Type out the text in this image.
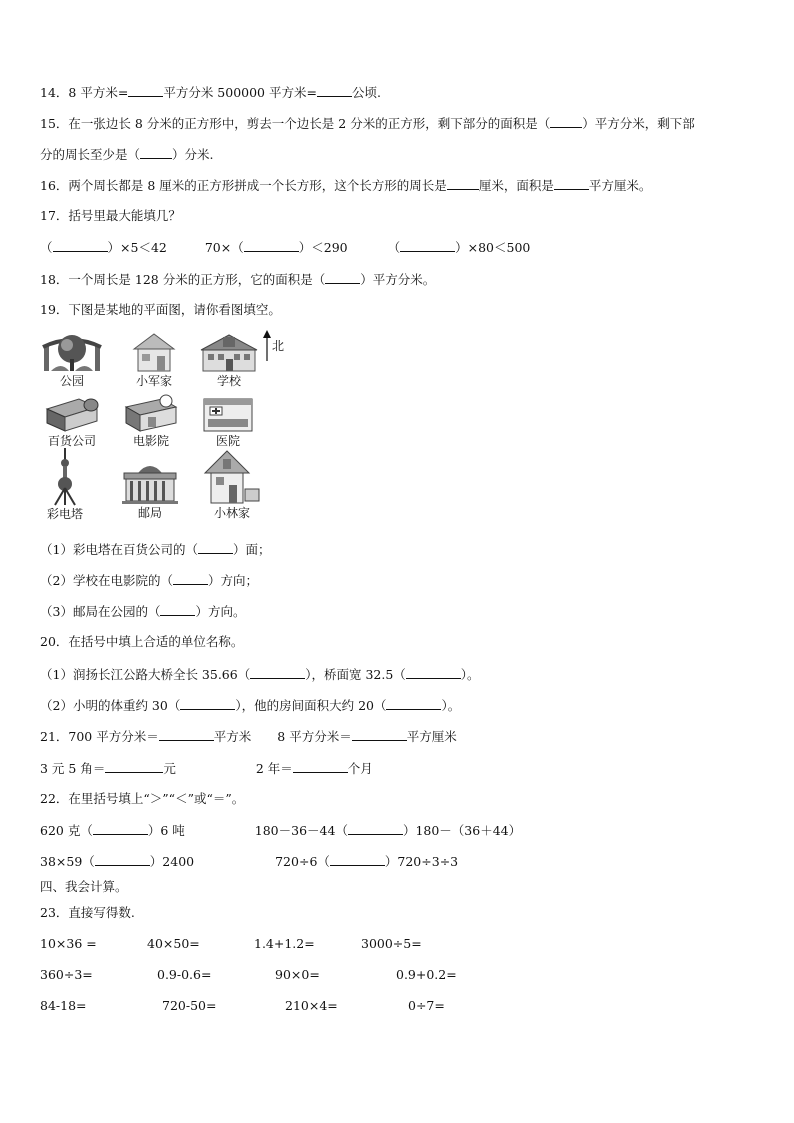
14．8 平方米=	平方分米 500000 平方米=	公顷.
15．在一张边长 8 分米的正方形中，剪去一个边长是 2 分米的正方形，剩下部分的面积是（	）平方分米，剩下部
分的周长至少是（	）分米.
16．两个周长都是 8 厘米的正方形拼成一个长方形，这个长方形的周长是	厘米，面积是	平方厘米。
17．括号里最大能填几？
（	）×5＜42	70×（	）＜290	（	）×80＜500
18．一个周长是 128 分米的正方形，它的面积是（	）平方分米。
19．下图是某地的平面图，请你看图填空。
公园	小军家	学校
北
百货公司	电影院	医院
彩电塔	邮局	小林家
（1）彩电塔在百货公司的（	）面；
（2）学校在电影院的（	）方向；
（3）邮局在公园的（	）方向。
20．在括号中填上合适的单位名称。
（1）润扬长江公路大桥全长 35.66（	），桥面宽 32.5（	）。
（2）小明的体重约 30（	），他的房间面积大约 20（	）。
21．700 平方分米＝	平方米 8 平方分米＝	平方厘米
3 元 5 角＝	元	2 年＝	个月
22．在里括号填上“＞”“＜”或“＝”。
620 克（	）6 吨	180－36－44（	）180－（36＋44）
38×59（	）2400	720÷6（	）720÷3÷3
四、我会计算。
23．直接写得数.
10×36 =	40×50=	1.4+1.2=	3000÷5=
360÷3=	0.9-0.6=	90×0=	0.9+0.2=
84-18=	720-50=	210×4=	0÷7=
